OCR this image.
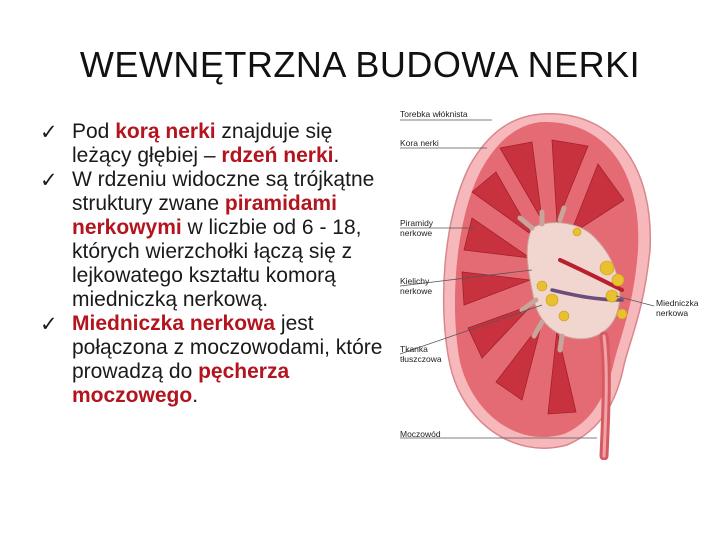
WEWNĘTRZNA BUDOWA NERKI
✓ Pod korą nerki znajduje się leżący głębiej – rdzeń nerki.
✓ W rdzeniu widoczne są trójkątne struktury zwane piramidami nerkowymi w liczbie od 6 - 18, których wierzchołki łączą się z lejkowatego kształtu komorą miedniczką nerkową.
✓ Miedniczka nerkowa jest połączona z moczowodami, które prowadzą do pęcherza moczowego.
Torebka włóknista
Kora nerki
Piramidy
nerkowe
Kielichy
nerkowe
Tkanka
tłuszczowa
Moczowód
Miedniczka
nerkowa
